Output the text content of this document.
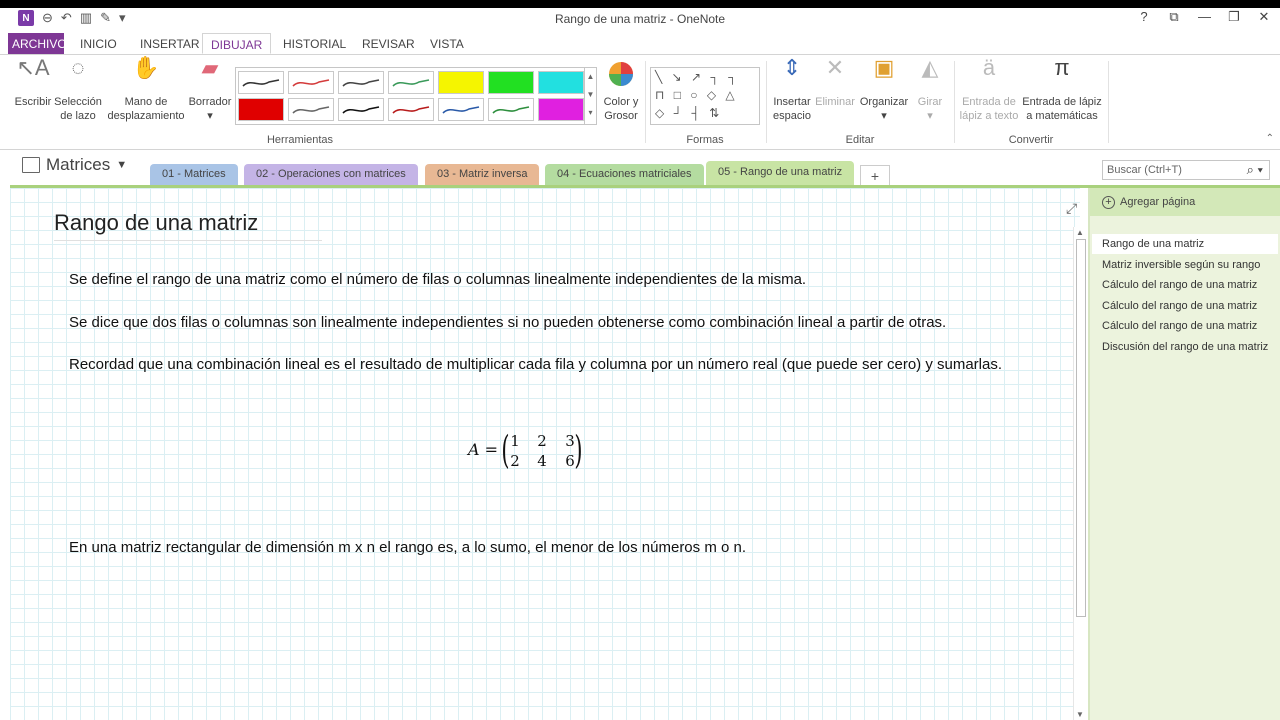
N ⊖ ↶ ▥ ✎ ▾	Rango de una matriz - OneNote	? ⧉ — ❐ ✕
ARCHIVO	INICIO	INSERTAR DIBUJAR	HISTORIAL	REVISAR	VISTA
↖A
Escribir
◌
Selección
de lazo
✋
Mano de
desplazamiento
▰
Borrador
▾
▲ ▼ ▾
Color y
Grosor
Herramientas
╲ ↘ ↗ ┐ ┐
⊓ □ ○ ◇ △
◇ ┘ ┤ ⇅
Formas
⇕
Insertar
espacio
✕
Eliminar
▣
Organizar
▾
◭
Girar
▾
Editar
ä
Entrada de
lápiz a texto
π
Entrada de lápiz
a matemáticas
Convertir	⌃
Matrices ▼
01 - Matrices	02 - Operaciones con matrices	03 - Matriz inversa	04 - Ecuaciones matriciales	05 - Rango de una matriz	+	Buscar (Ctrl+T)	⌕ ▾
Rango de una matriz
⤢
Se define el rango de una matriz como el número de filas o columnas linealmente independientes de la misma.
Se dice que dos filas o columnas son linealmente independientes si no pueden obtenerse como combinación lineal a partir de otras.
Recordad que una combinación lineal es el resultado de multiplicar cada fila y columna por un número real (que puede ser cero) y sumarlas.
A = ( 1 2 3
2 4 6 )
En una matriz rectangular de dimensión m x n el rango es, a lo sumo, el menor de los números m o n.
▲
▼
+ Agregar página
Rango de una matriz
Matriz inversible según su rango
Cálculo del rango de una matriz
Cálculo del rango de una matriz
Cálculo del rango de una matriz
Discusión del rango de una matriz
